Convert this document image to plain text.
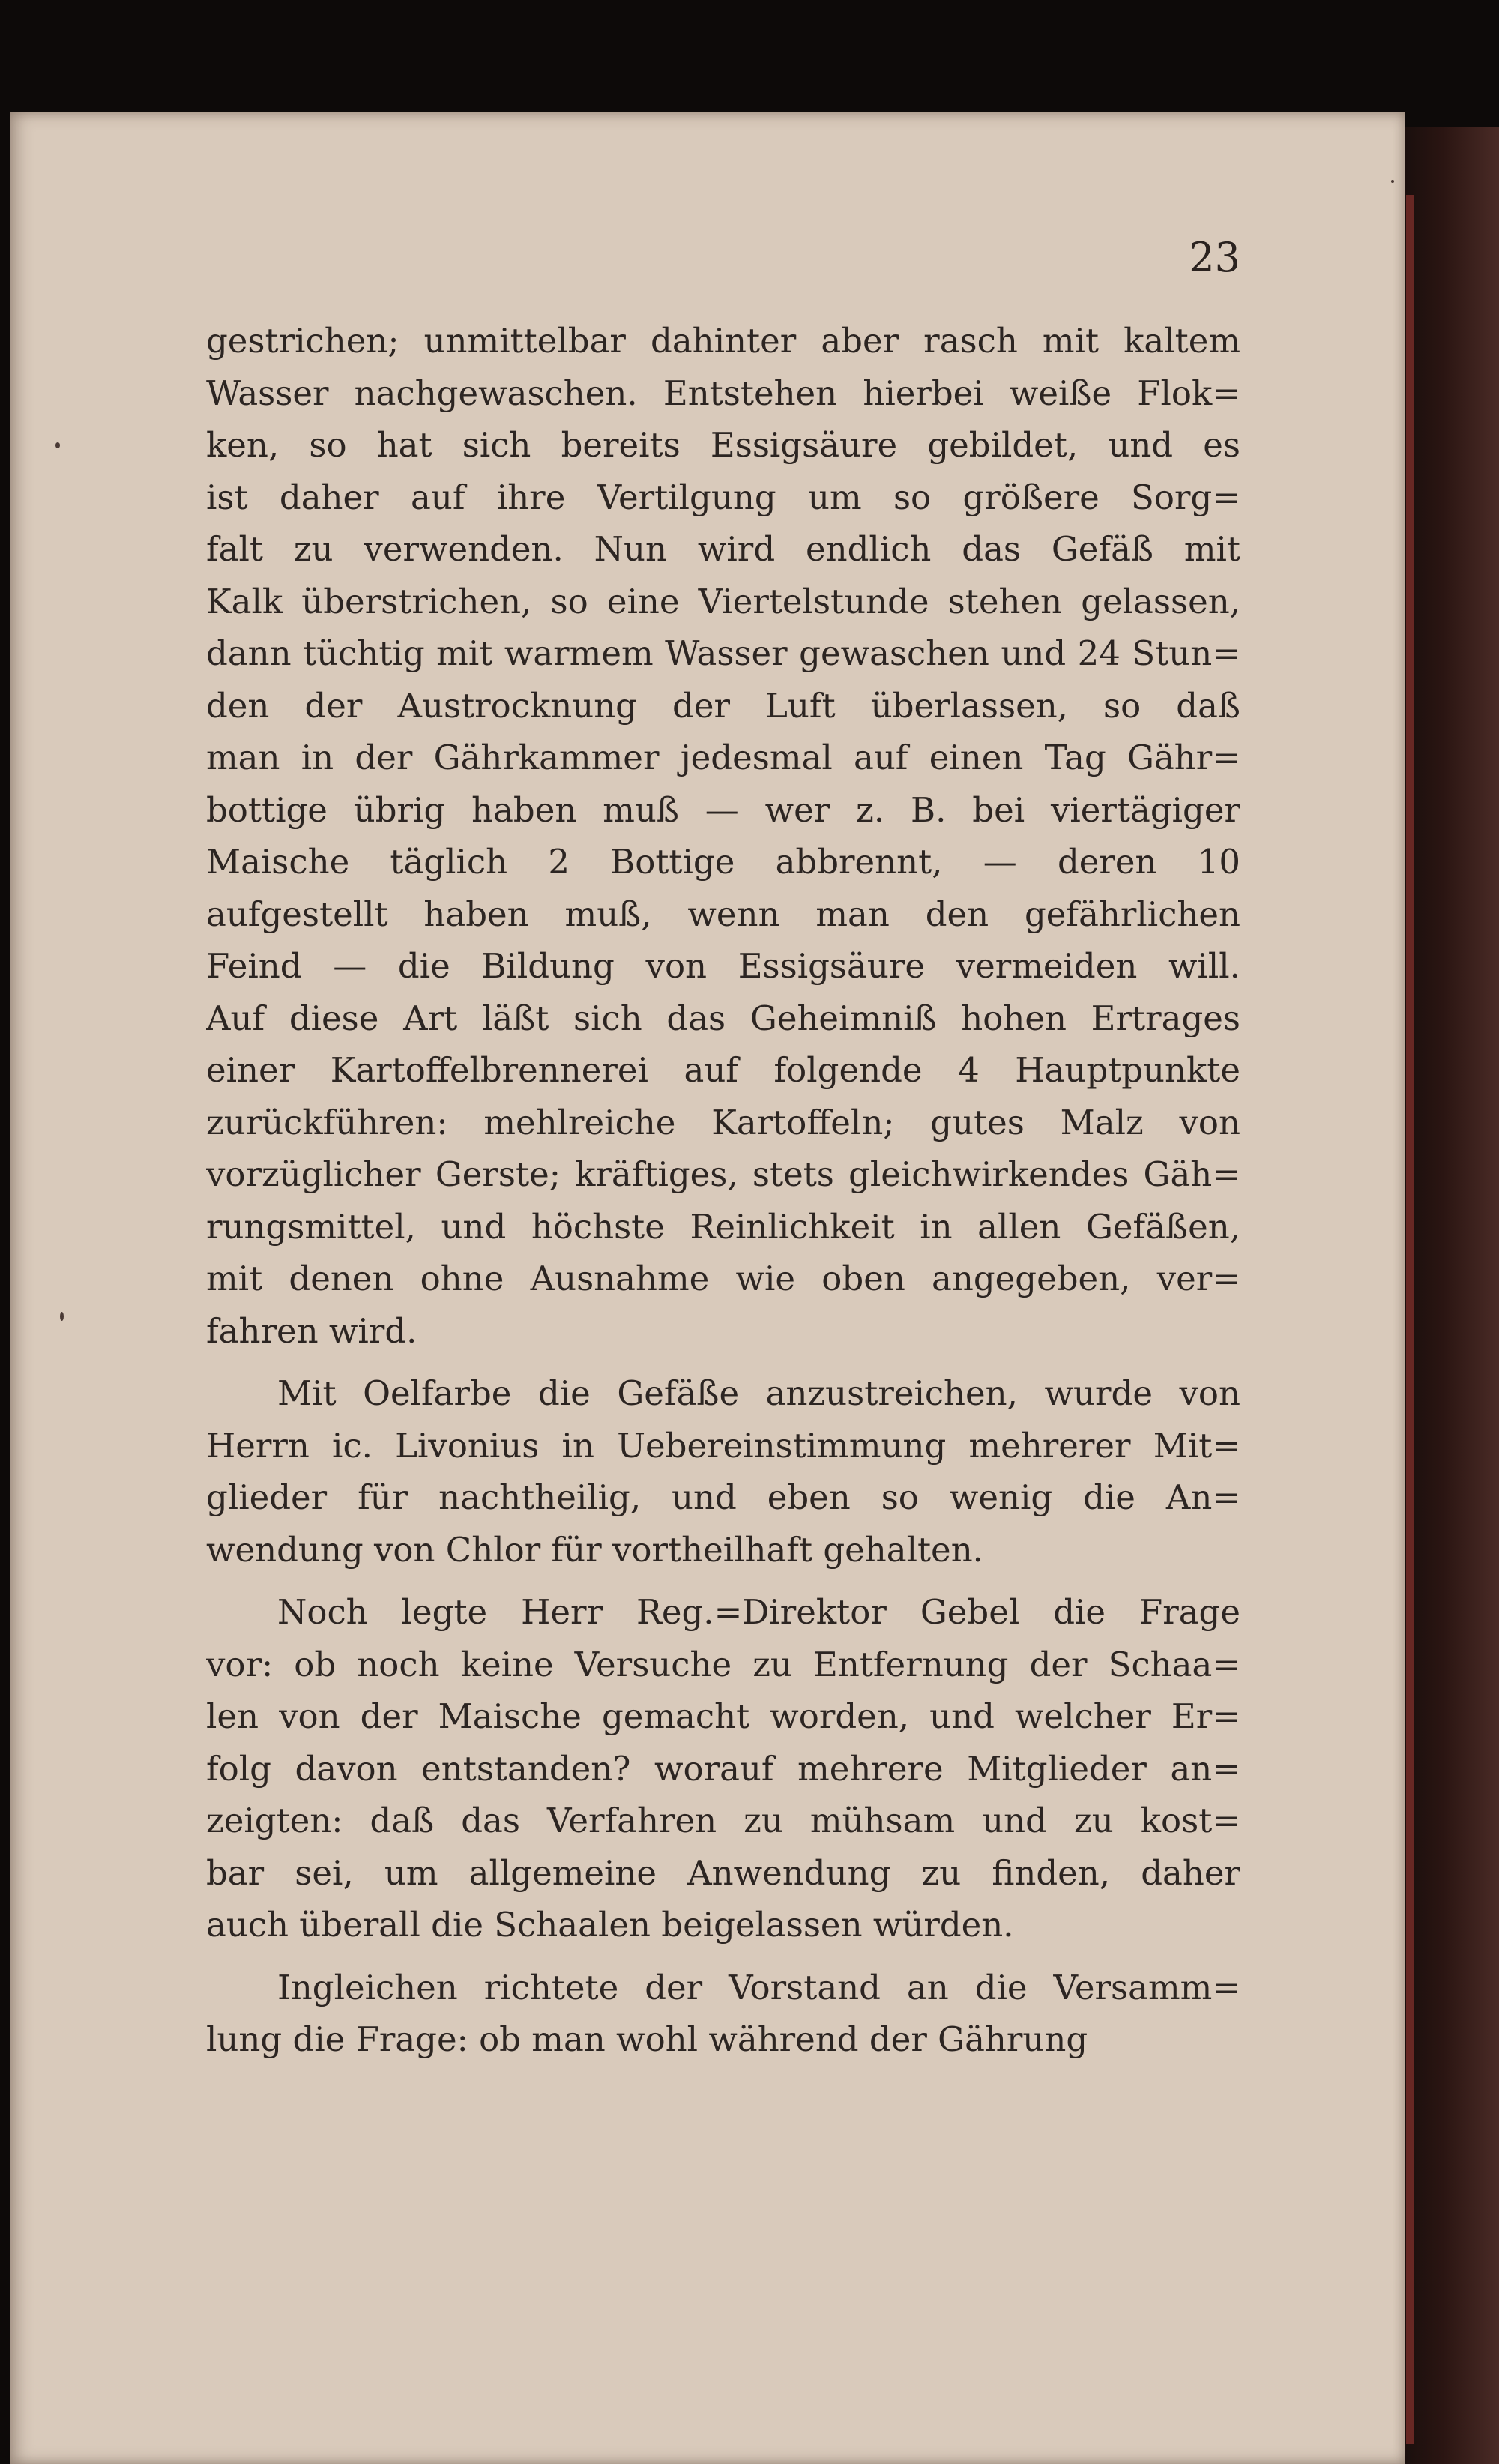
23
gestrichen; unmittelbar dahinter aber rasch mit kaltem
Wasser nachgewaschen. Entstehen hierbei weiße Flok=
ken, so hat sich bereits Essigsäure gebildet, und es
ist daher auf ihre Vertilgung um so größere Sorg=
falt zu verwenden. Nun wird endlich das Gefäß mit
Kalk überstrichen, so eine Viertelstunde stehen gelassen,
dann tüchtig mit warmem Wasser gewaschen und 24 Stun=
den der Austrocknung der Luft überlassen, so daß
man in der Gährkammer jedesmal auf einen Tag Gähr=
bottige übrig haben muß — wer z. B. bei viertägiger
Maische täglich 2 Bottige abbrennt, — deren 10
aufgestellt haben muß, wenn man den gefährlichen
Feind — die Bildung von Essigsäure vermeiden will.
Auf diese Art läßt sich das Geheimniß hohen Ertrages
einer Kartoffelbrennerei auf folgende 4 Hauptpunkte
zurückführen: mehlreiche Kartoffeln; gutes Malz von
vorzüglicher Gerste; kräftiges, stets gleichwirkendes Gäh=
rungsmittel, und höchste Reinlichkeit in allen Gefäßen,
mit denen ohne Ausnahme wie oben angegeben, ver=
fahren wird.
Mit Oelfarbe die Gefäße anzustreichen, wurde von
Herrn ic. Livonius in Uebereinstimmung mehrerer Mit=
glieder für nachtheilig, und eben so wenig die An=
wendung von Chlor für vortheilhaft gehalten.
Noch legte Herr Reg.=Direktor Gebel die Frage
vor: ob noch keine Versuche zu Entfernung der Schaa=
len von der Maische gemacht worden, und welcher Er=
folg davon entstanden? worauf mehrere Mitglieder an=
zeigten: daß das Verfahren zu mühsam und zu kost=
bar sei, um allgemeine Anwendung zu finden, daher
auch überall die Schaalen beigelassen würden.
Ingleichen richtete der Vorstand an die Versamm=
lung die Frage: ob man wohl während der Gährung
